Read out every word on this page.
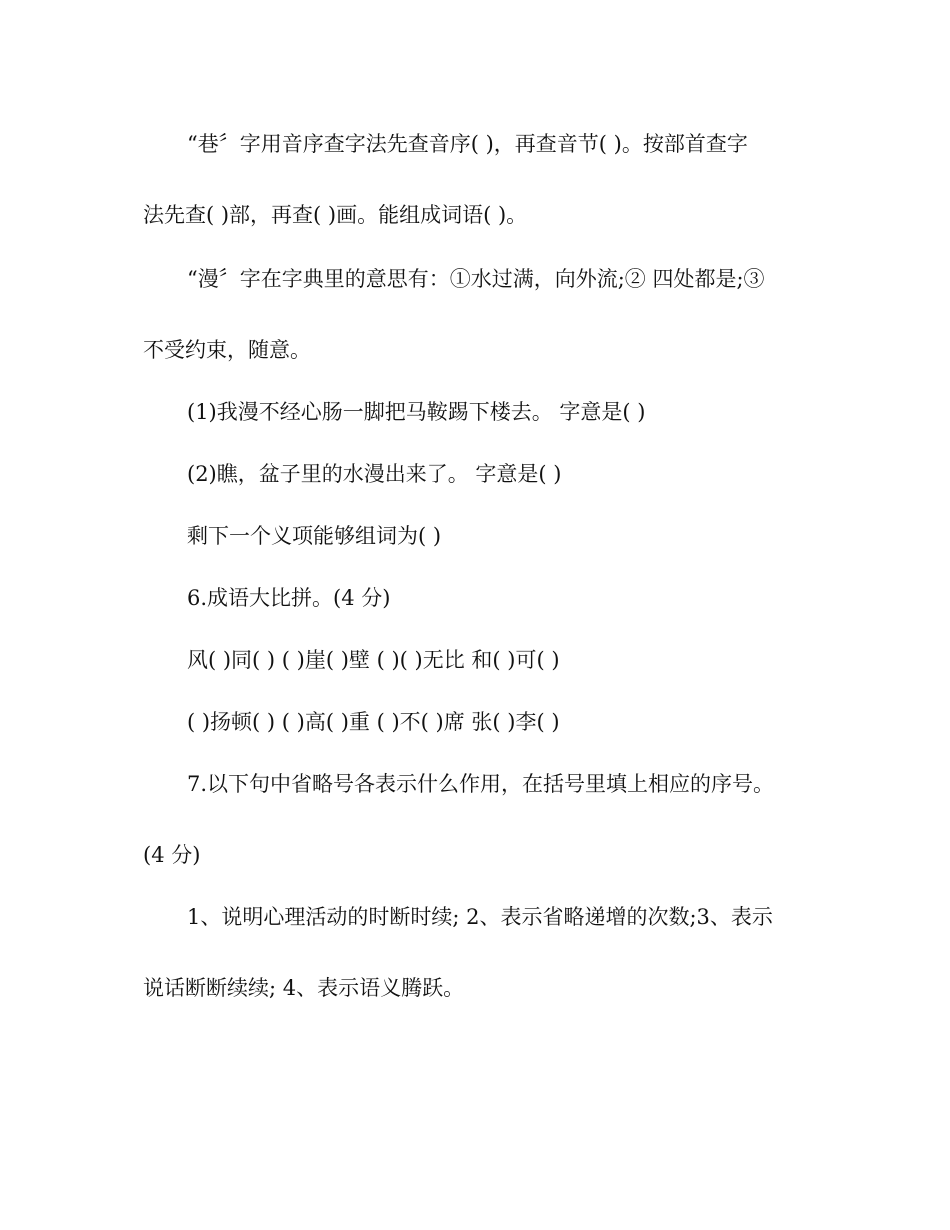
“巷〞字用音序查字法先查音序( )，再查音节( )。按部首查字
法先查( )部，再查( )画。能组成词语( )。
“漫〞字在字典里的意思有：①水过满，向外流;② 四处都是;③
不受约束，随意。
(1)我漫不经心肠一脚把马鞍踢下楼去。 字意是( )
(2)瞧，盆子里的水漫出来了。 字意是( )
剩下一个义项能够组词为( )
6.成语大比拼。(4 分)
风( )同( ) ( )崖( )壁 ( )( )无比 和( )可( )
( )扬顿( ) ( )高( )重 ( )不( )席 张( )李( )
7.以下句中省略号各表示什么作用，在括号里填上相应的序号。
(4 分)
1、说明心理活动的时断时续; 2、表示省略递增的次数;3、表示
说话断断续续; 4、表示语义腾跃。
